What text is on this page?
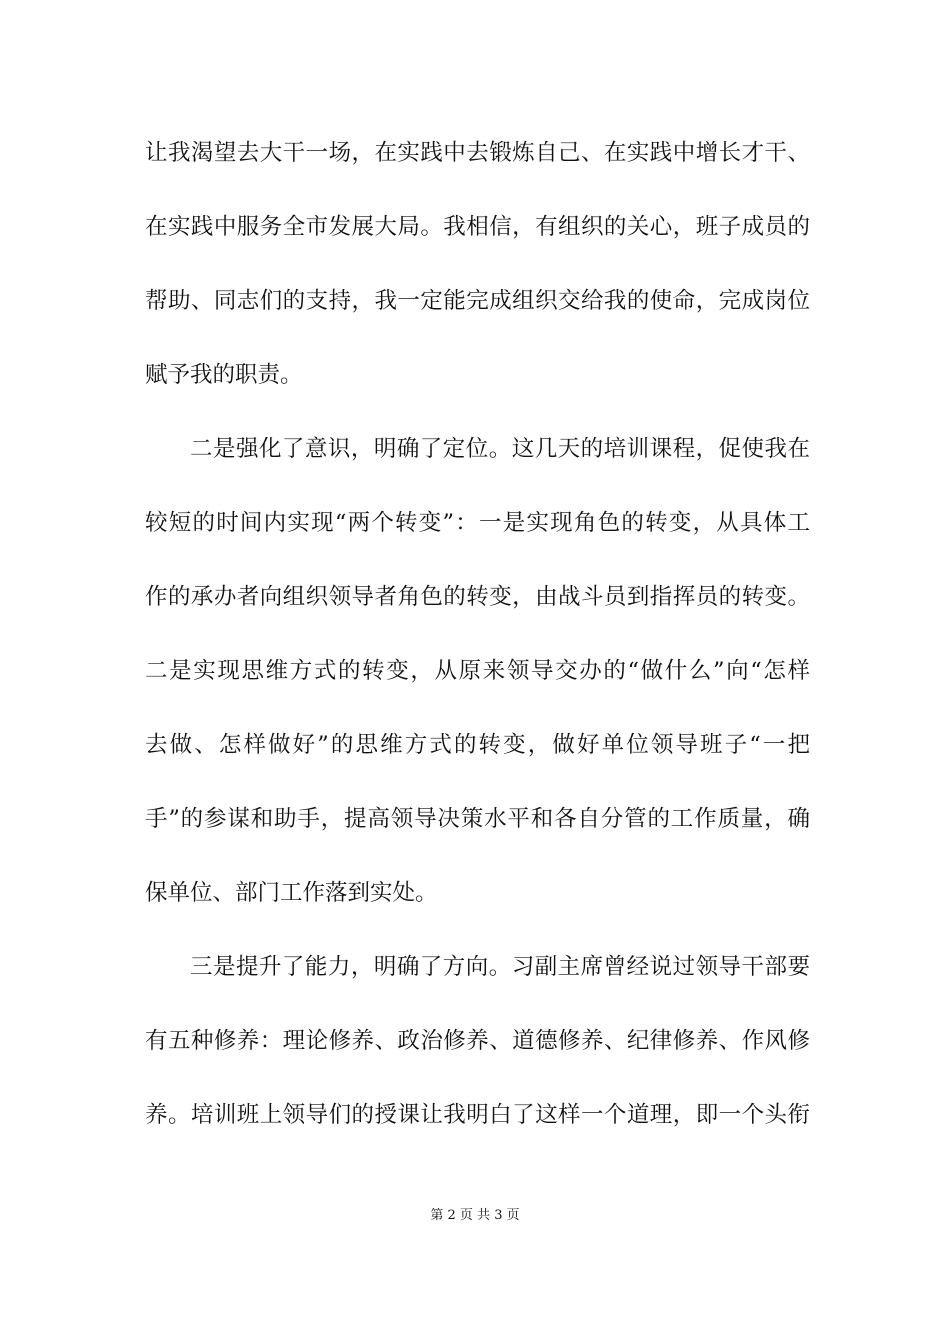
让我渴望去大干一场，在实践中去锻炼自己、在实践中增长才干、
在实践中服务全市发展大局。我相信，有组织的关心，班子成员的
帮助、同志们的支持，我一定能完成组织交给我的使命，完成岗位
赋予我的职责。
二是强化了意识，明确了定位。这几天的培训课程，促使我在
较短的时间内实现“两个转变”：一是实现角色的转变，从具体工
作的承办者向组织领导者角色的转变，由战斗员到指挥员的转变。
二是实现思维方式的转变，从原来领导交办的“做什么”向“怎样
去做、怎样做好”的思维方式的转变，做好单位领导班子“一把
手”的参谋和助手，提高领导决策水平和各自分管的工作质量，确
保单位、部门工作落到实处。
三是提升了能力，明确了方向。习副主席曾经说过领导干部要
有五种修养：理论修养、政治修养、道德修养、纪律修养、作风修
养。培训班上领导们的授课让我明白了这样一个道理，即一个头衔
第 2 页 共 3 页
